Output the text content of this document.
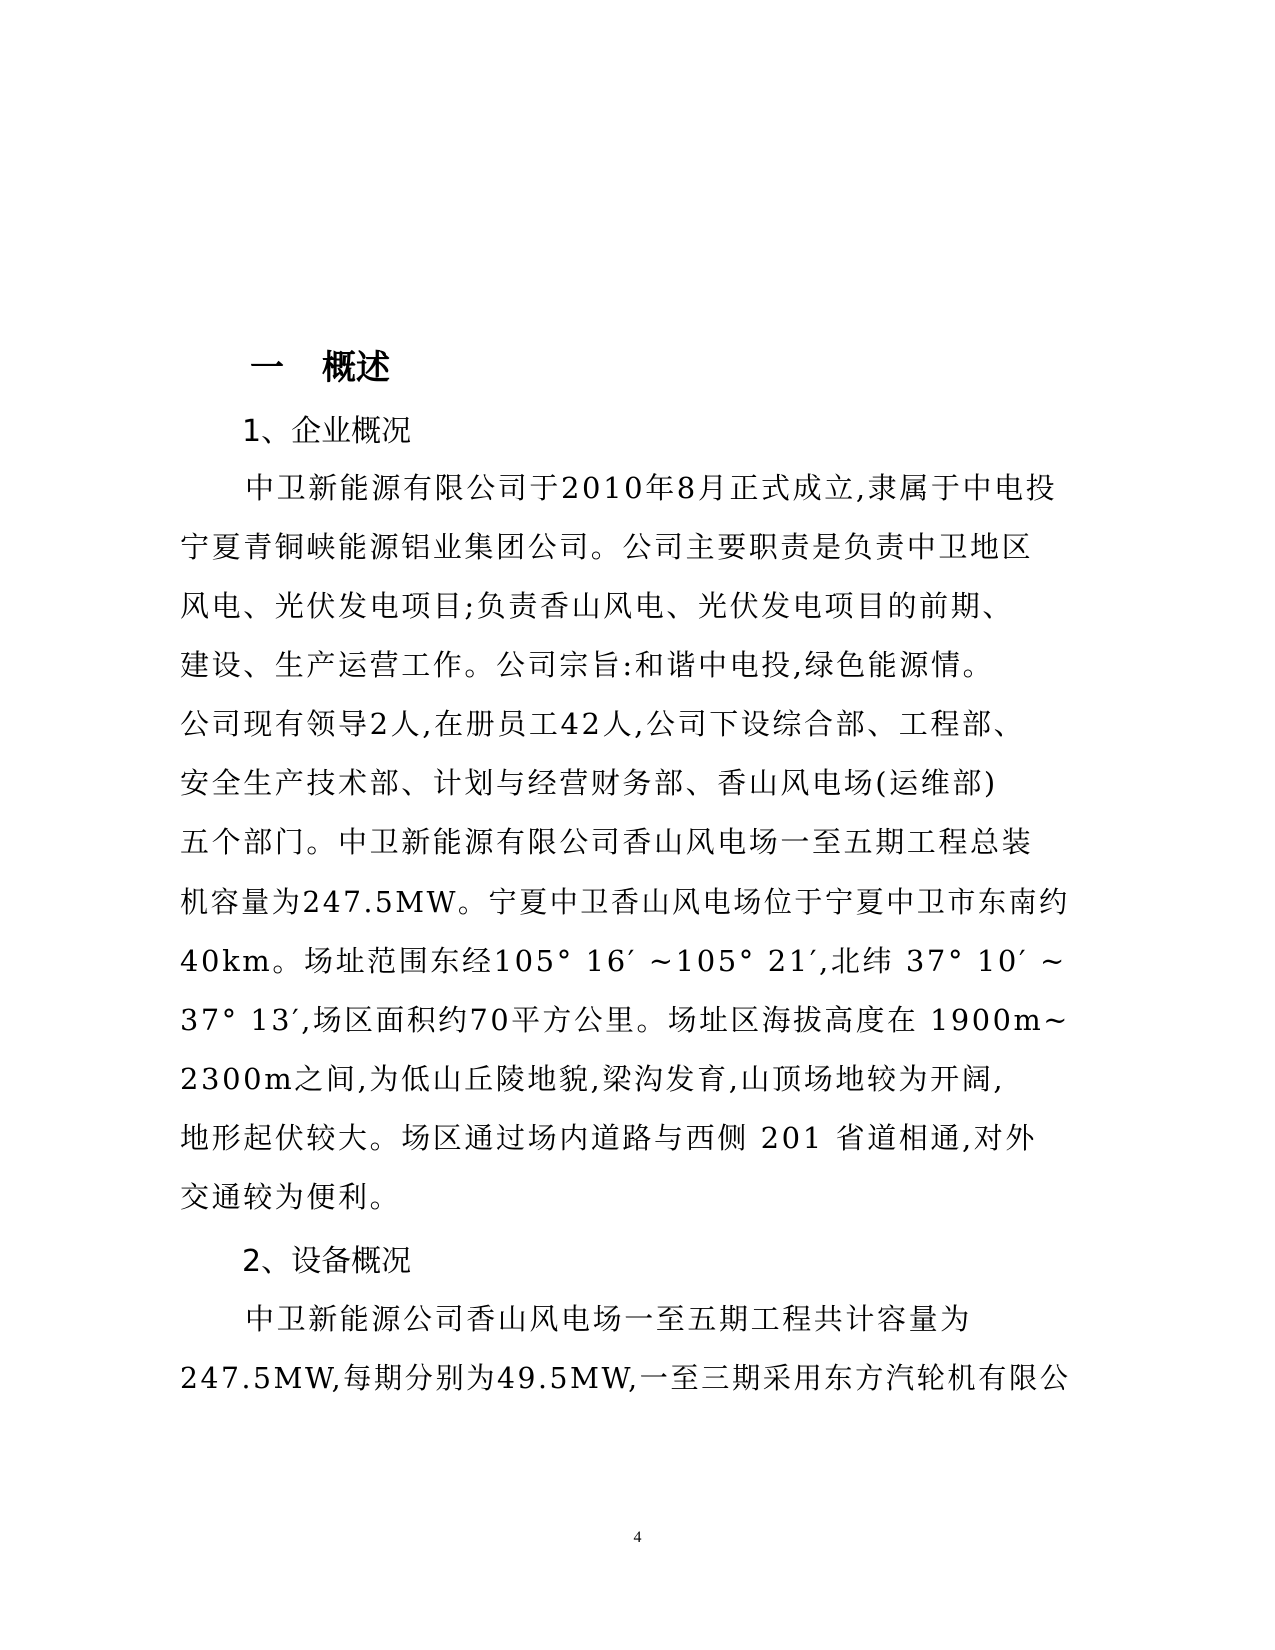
一 概述
1、企业概况
中卫新能源有限公司于2010年8月正式成立,隶属于中电投
宁夏青铜峡能源铝业集团公司。公司主要职责是负责中卫地区
风电、光伏发电项目;负责香山风电、光伏发电项目的前期、
建设、生产运营工作。公司宗旨:和谐中电投,绿色能源情。
公司现有领导2人,在册员工42人,公司下设综合部、工程部、
安全生产技术部、计划与经营财务部、香山风电场(运维部)
五个部门。中卫新能源有限公司香山风电场一至五期工程总装
机容量为247.5MW。宁夏中卫香山风电场位于宁夏中卫市东南约
40km。场址范围东经105° 16′ ~105° 21′,北纬 37° 10′ ~
37° 13′,场区面积约70平方公里。场址区海拔高度在 1900m~
2300m之间,为低山丘陵地貌,梁沟发育,山顶场地较为开阔,
地形起伏较大。场区通过场内道路与西侧 201 省道相通,对外
交通较为便利。
2、设备概况
中卫新能源公司香山风电场一至五期工程共计容量为
247.5MW,每期分别为49.5MW,一至三期采用东方汽轮机有限公
4
